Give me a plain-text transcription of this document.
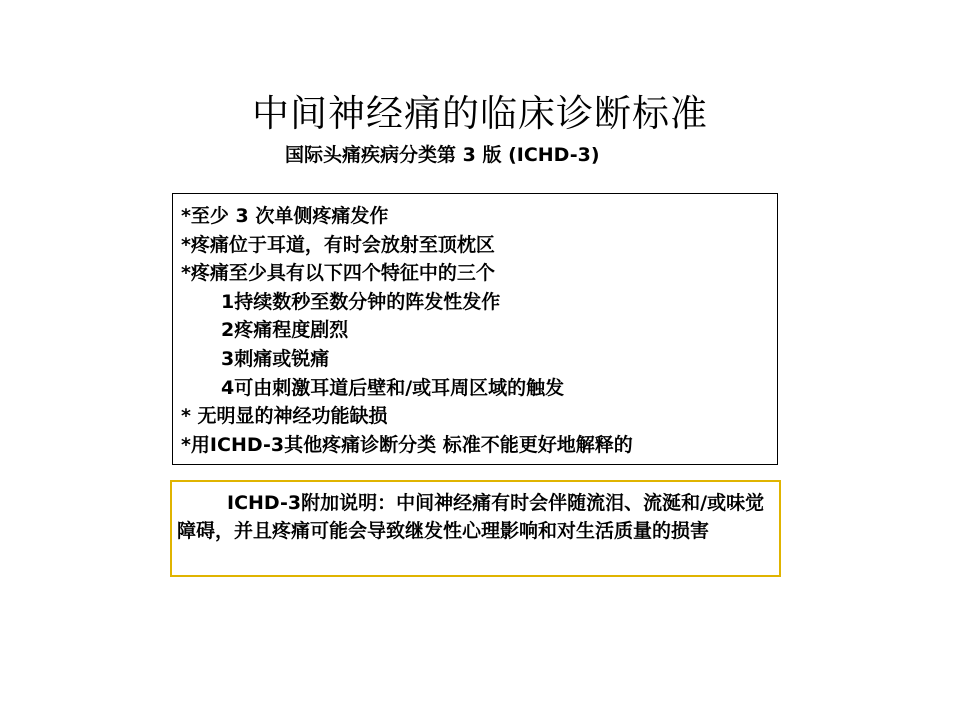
中间神经痛的临床诊断标准
国际头痛疾病分类第 3 版 (ICHD-3)
*至少 3 次单侧疼痛发作
*疼痛位于耳道，有时会放射至顶枕区
*疼痛至少具有以下四个特征中的三个
1持续数秒至数分钟的阵发性发作
2疼痛程度剧烈
3刺痛或锐痛
4可由刺激耳道后壁和/或耳周区域的触发
* 无明显的神经功能缺损
*用ICHD-3其他疼痛诊断分类 标准不能更好地解释的
ICHD-3附加说明：中间神经痛有时会伴随流泪、流涎和/或味觉障碍，并且疼痛可能会导致继发性心理影响和对生活质量的损害
